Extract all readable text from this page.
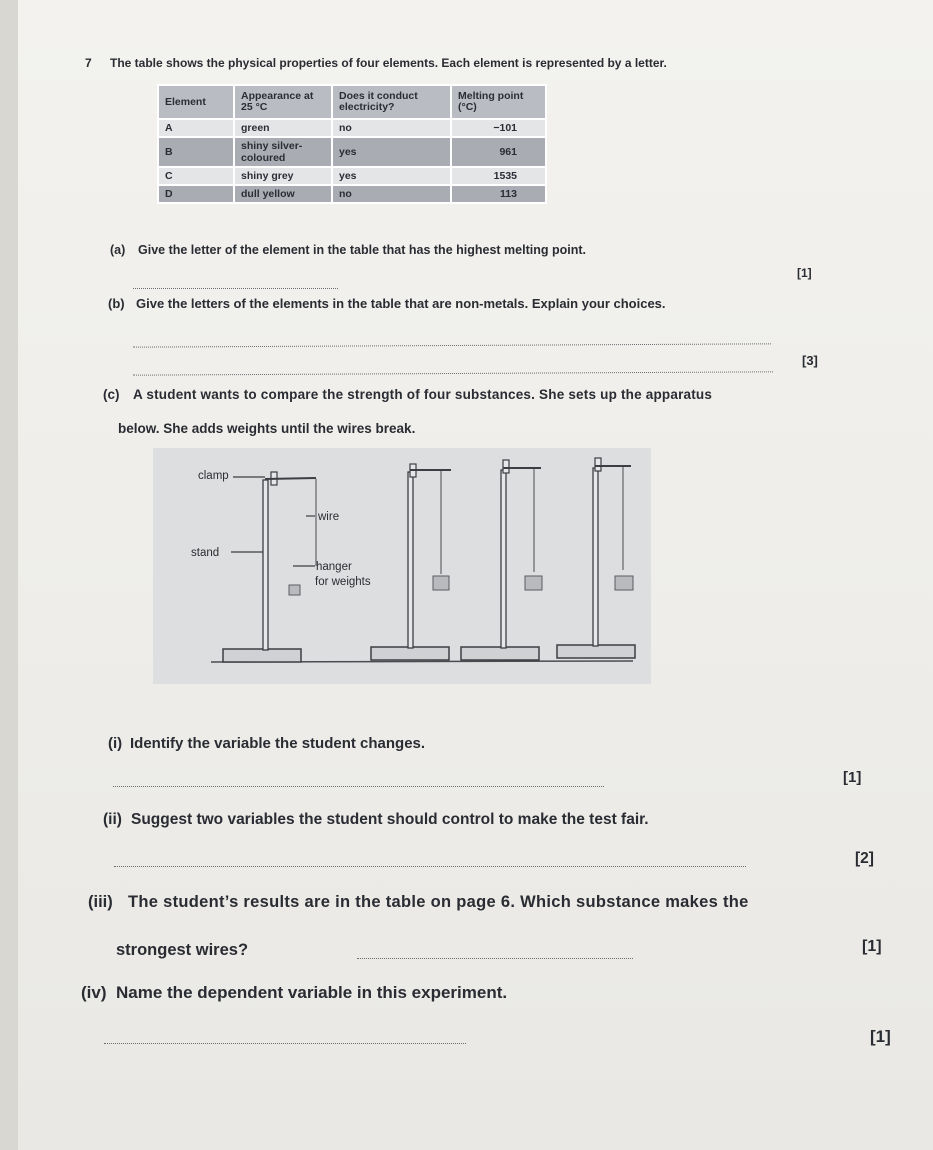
7 The table shows the physical properties of four elements. Each element is represented by a letter.
Element	Appearance at 25 °C	Does it conduct electricity?	Melting point (°C)
A	green	no	−101
B	shiny silver-coloured	yes	961
C	shiny grey	yes	1535
D	dull yellow	no	113
(a) Give the letter of the element in the table that has the highest melting point.
[1]
(b) Give the letters of the elements in the table that are non-metals. Explain your choices.
[3]
(c) A student wants to compare the strength of four substances. She sets up the apparatus
below. She adds weights until the wires break.
clamp
wire
stand
hanger
for weights
(i) Identify the variable the student changes.
[1]
(ii) Suggest two variables the student should control to make the test fair.
[2]
(iii) The student’s results are in the table on page 6. Which substance makes the
strongest wires?	[1]
(iv) Name the dependent variable in this experiment.
[1]
